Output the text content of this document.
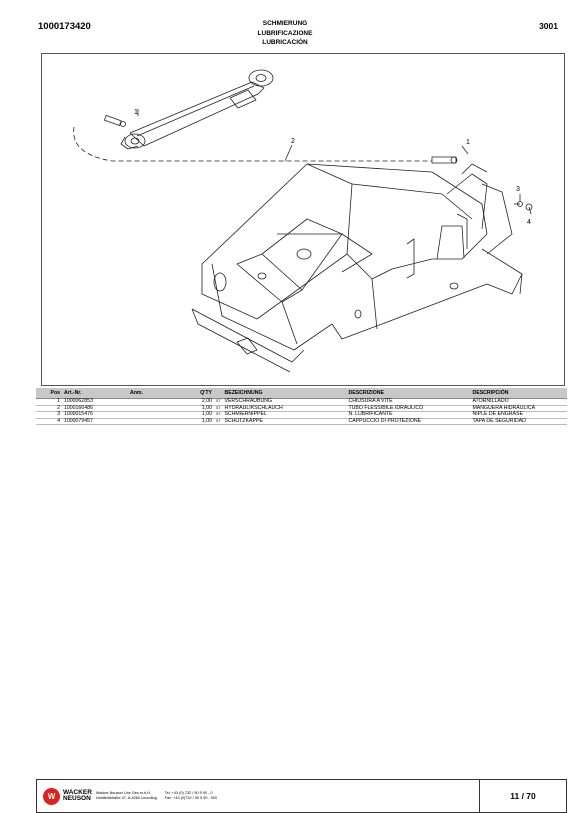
1000173420	SCHMIERUNG
LUBRIFICAZIONE
LUBRICACIÓN
3001
1
2	1
3
4
Pos	Art.-Nr.	Anm.	Q'TY		BEZEICHNUNG	DESCRIZIONE	DESCRIPCIÓN
1	1000062853		2,00	ST	VERSCHRAUBUNG	CHIUSURA A VITE	ATORNILLADO
2	1000166486		1,00	ST	HYDRAULIKSCHLAUCH	TUBO FLESSIBILE IDRAULICO	MANGUERA HIDRÁULICA
3	1000015476		1,00	ST	SCHMIERNIPPEL	N. LUBRIFICANTE	NIPLE DE ENGRASE
4	1000079457		1,00	ST	SCHUTZKAPPE	CAPPUCCIO DI PROTEZIONE	TAPA DE SEGURIDAD
W	WACKER
NEUSON
Wacker Neuson Linz Ges.m.b.H.
Haidfeldstraße 37, A-4060 Leonding
Tel. +43 (0) 732 / 90 5 90 - 0
Fax. +43 (0)732 / 90 5 90 - 900	11 / 70
